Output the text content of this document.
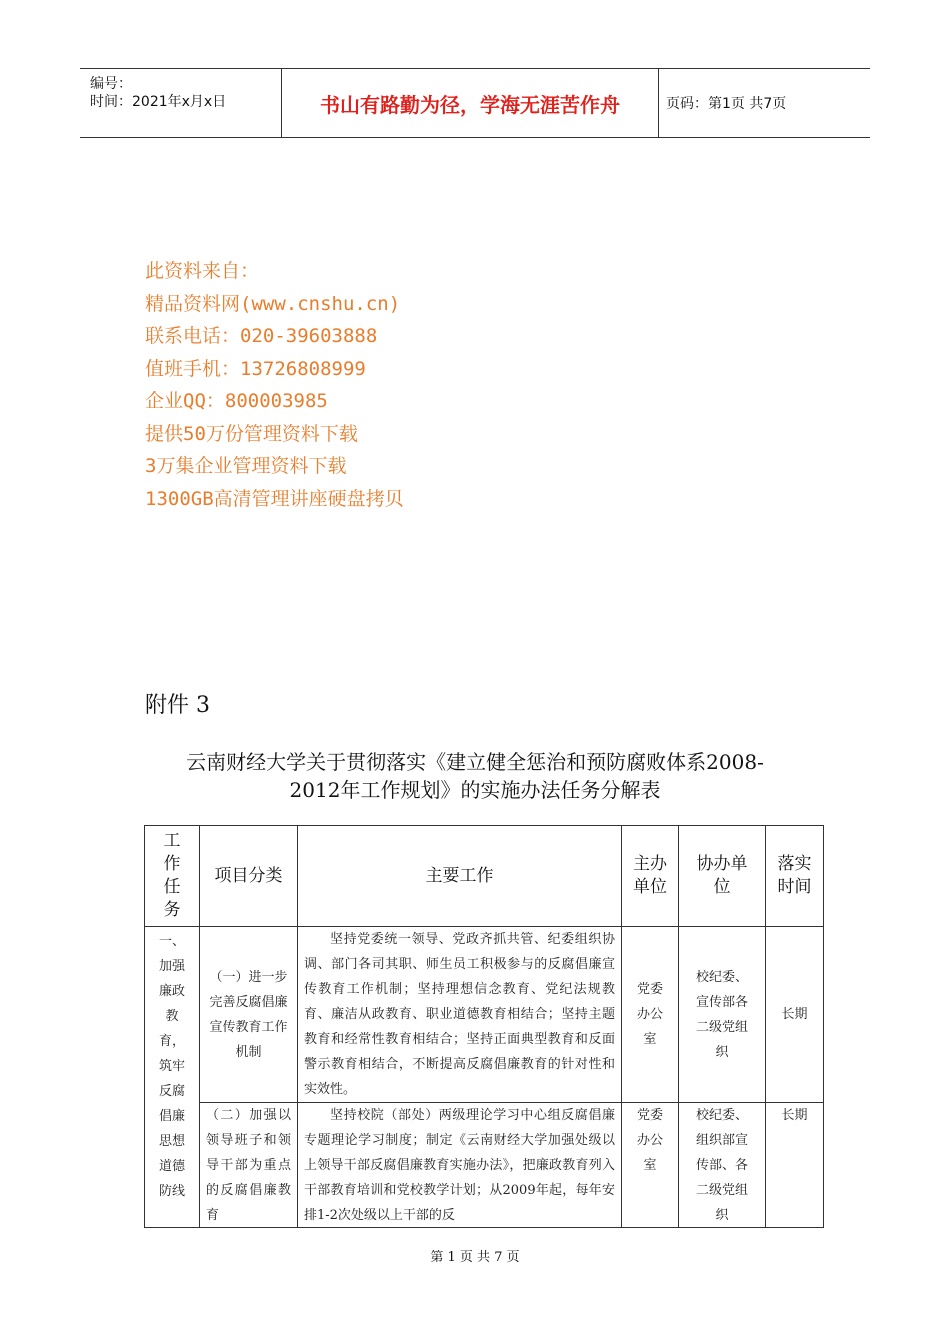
编号：
时间：2021年x月x日	书山有路勤为径，学海无涯苦作舟	页码：第1页 共7页
此资料来自：
精品资料网(www.cnshu.cn)
联系电话：020-39603888
值班手机：13726808999
企业QQ：800003985
提供50万份管理资料下载
3万集企业管理资料下载
1300GB高清管理讲座硬盘拷贝
附件 3
云南财经大学关于贯彻落实《建立健全惩治和预防腐败体系2008-
2012年工作规划》的实施办法任务分解表
工作任务	项目分类	主要工作	主办单位	协办单位	落实时间

一、加强廉政教育，筑牢反腐倡廉思想道德防线	（一）进一步完善反腐倡廉宣传教育工作机制	坚持党委统一领导、党政齐抓共管、纪委组织协调、部门各司其职、师生员工积极参与的反腐倡廉宣传教育工作机制；坚持理想信念教育、党纪法规教育、廉洁从政教育、职业道德教育相结合；坚持主题教育和经常性教育相结合；坚持正面典型教育和反面警示教育相结合，不断提高反腐倡廉教育的针对性和实效性。	党委办公室	校纪委、宣传部各二级党组织	长期

	（二）加强以领导班子和领导干部为重点的反腐倡廉教育	坚持校院（部处）两级理论学习中心组反腐倡廉专题理论学习制度；制定《云南财经大学加强处级以上领导干部反腐倡廉教育实施办法》，把廉政教育列入干部教育培训和党校教学计划；从2009年起，每年安排1-2次处级以上干部的反	党委办公室	校纪委、组织部宣传部、各二级党组织	长期
第 1 页 共 7 页
